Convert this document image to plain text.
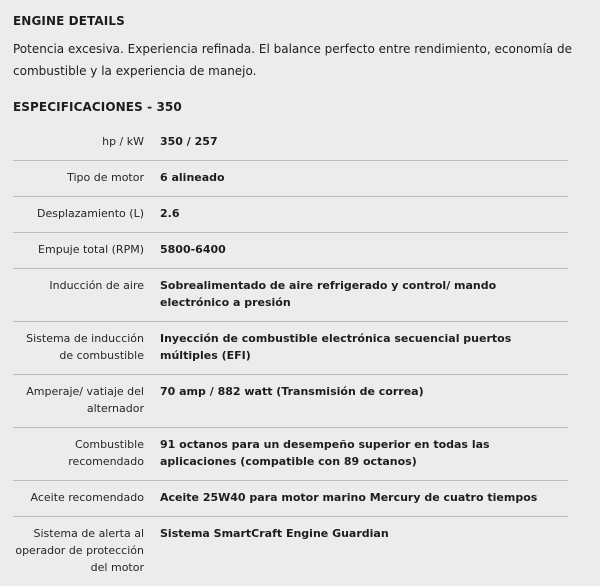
ENGINE DETAILS

Potencia excesiva. Experiencia refinada. El balance perfecto entre rendimiento, economía de combustible y la experiencia de manejo.

ESPECIFICACIONES - 350
hp / kW	350 / 257
Tipo de motor	6 alineado
Desplazamiento (L)	2.6
Empuje total (RPM)	5800-6400
Inducción de aire	Sobrealimentado de aire refrigerado y control/ mando electrónico a presión
Sistema de inducción de combustible	Inyección de combustible electrónica secuencial puertos múltiples (EFI)
Amperaje/ vatiaje del alternador	70 amp / 882 watt (Transmisión de correa)
Combustible recomendado	91 octanos para un desempeño superior en todas las aplicaciones (compatible con 89 octanos)
Aceite recomendado	Aceite 25W40 para motor marino Mercury de cuatro tiempos
Sistema de alerta al operador de protección del motor	Sistema SmartCraft Engine Guardian
